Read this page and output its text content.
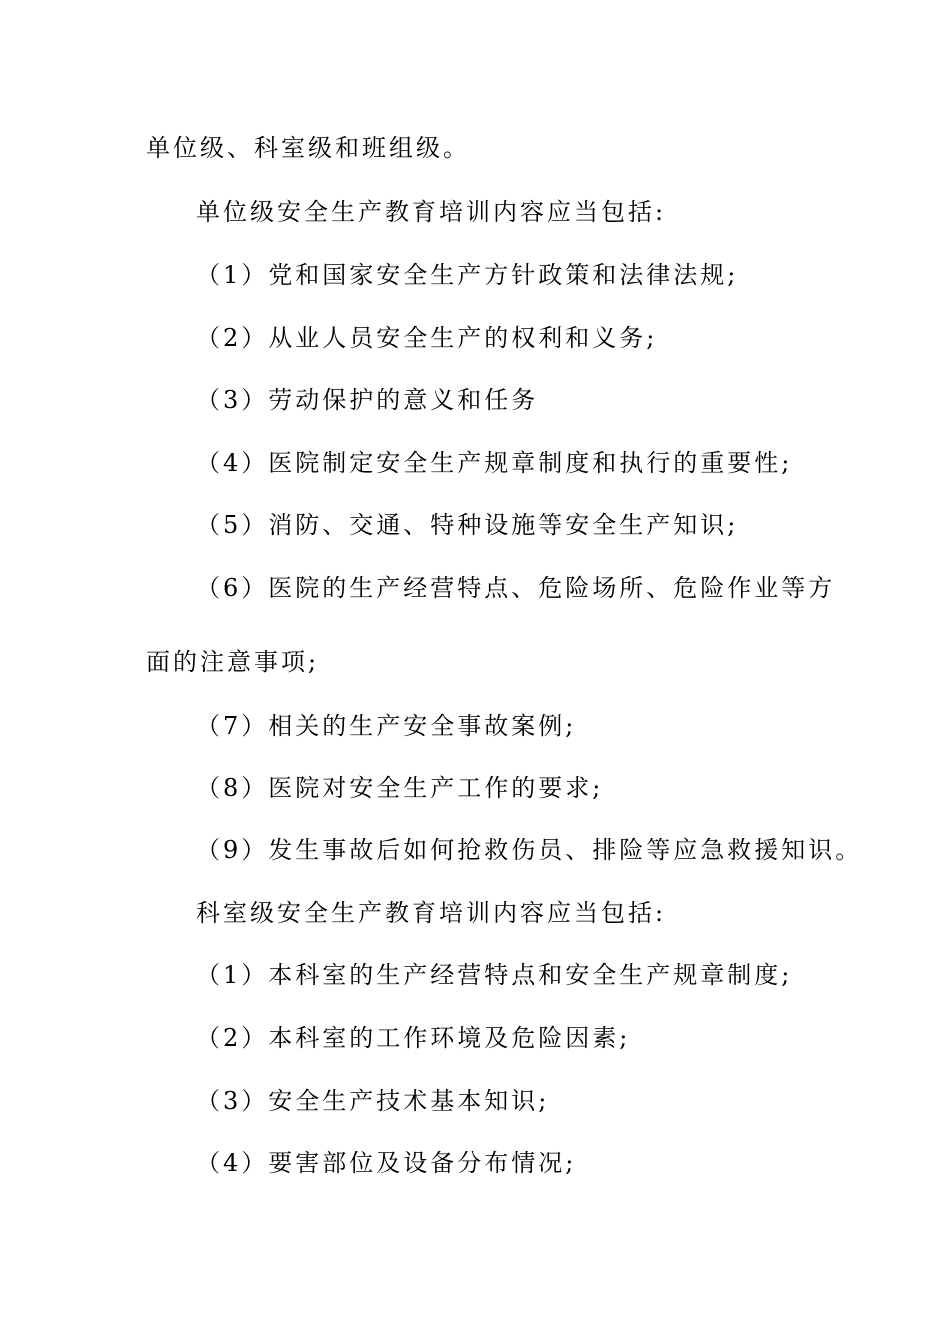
单位级、科室级和班组级。
单位级安全生产教育培训内容应当包括:
（1）党和国家安全生产方针政策和法律法规;
（2）从业人员安全生产的权利和义务;
（3）劳动保护的意义和任务
（4）医院制定安全生产规章制度和执行的重要性;
（5）消防、交通、特种设施等安全生产知识;
（6）医院的生产经营特点、危险场所、危险作业等方
面的注意事项;
（7）相关的生产安全事故案例;
（8）医院对安全生产工作的要求;
（9）发生事故后如何抢救伤员、排险等应急救援知识。
科室级安全生产教育培训内容应当包括:
（1）本科室的生产经营特点和安全生产规章制度;
（2）本科室的工作环境及危险因素;
（3）安全生产技术基本知识;
（4）要害部位及设备分布情况;
